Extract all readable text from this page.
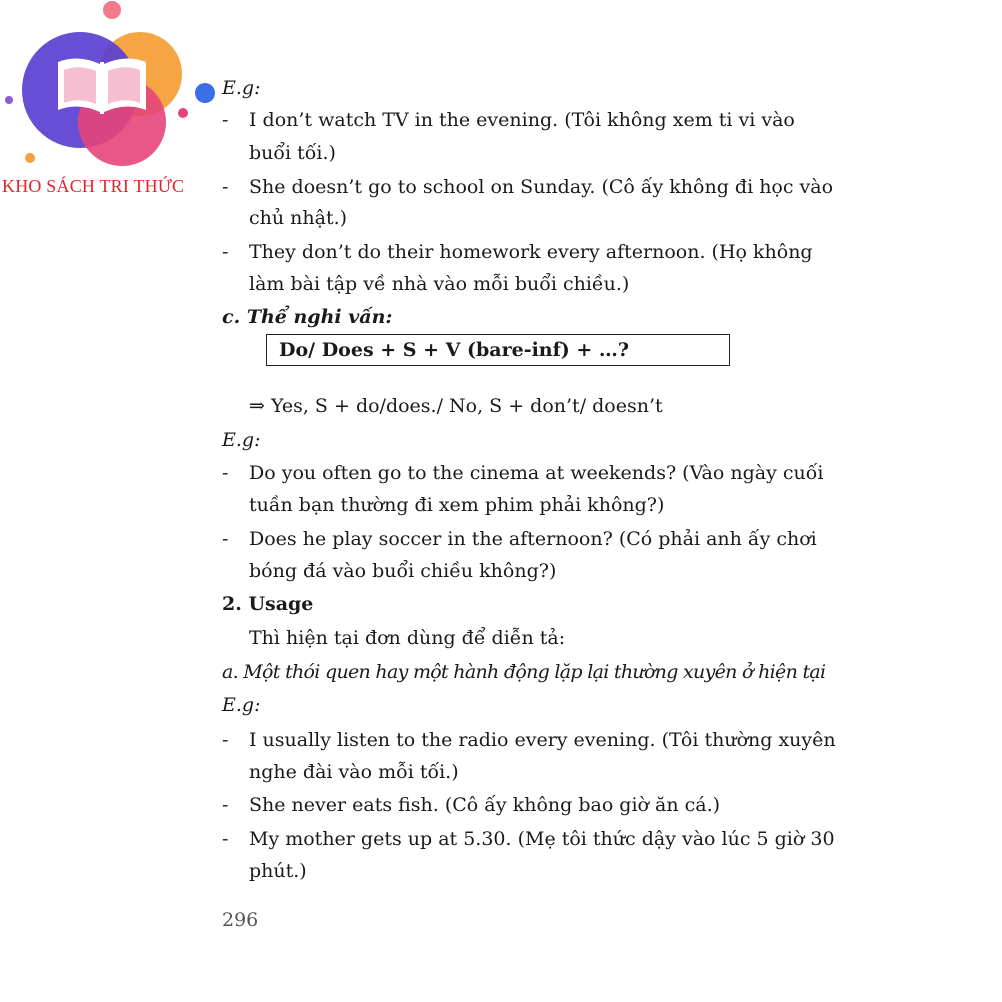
KHO SÁCH TRI THỨC
E.g:
- I don’t watch TV in the evening. (Tôi không xem ti vi vào
buổi tối.)
- She doesn’t go to school on Sunday. (Cô ấy không đi học vào
chủ nhật.)
- They don’t do their homework every afternoon. (Họ không
làm bài tập về nhà vào mỗi buổi chiều.)
c. Thể nghi vấn:
Do/ Does + S + V (bare-inf) + …?
⇒ Yes, S + do/does./ No, S + don’t/ doesn’t
E.g:
- Do you often go to the cinema at weekends? (Vào ngày cuối
tuần bạn thường đi xem phim phải không?)
- Does he play soccer in the afternoon? (Có phải anh ấy chơi
bóng đá vào buổi chiều không?)
2. Usage
Thì hiện tại đơn dùng để diễn tả:
a. Một thói quen hay một hành động lặp lại thường xuyên ở hiện tại
E.g:
- I usually listen to the radio every evening. (Tôi thường xuyên
nghe đài vào mỗi tối.)
- She never eats fish. (Cô ấy không bao giờ ăn cá.)
- My mother gets up at 5.30. (Mẹ tôi thức dậy vào lúc 5 giờ 30
phút.)
296
